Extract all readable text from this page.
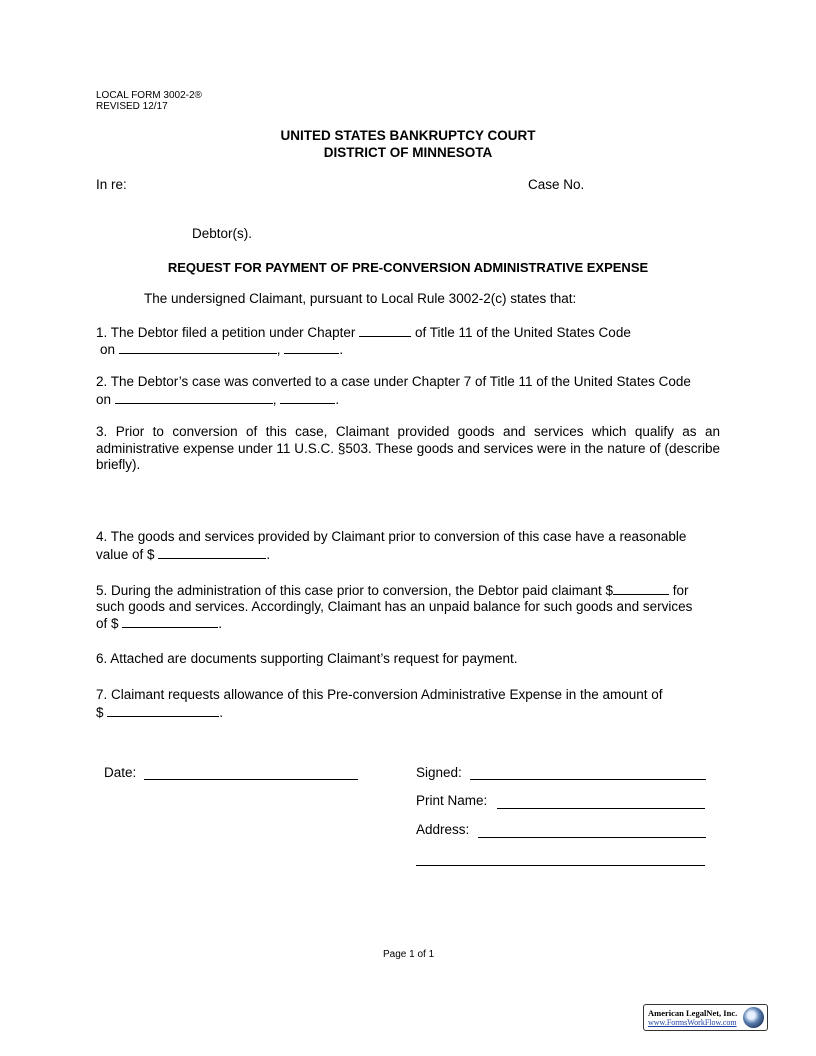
LOCAL FORM 3002-2®
REVISED 12/17
UNITED STATES BANKRUPTCY COURT
DISTRICT OF MINNESOTA
In re:	Case No.
Debtor(s).
REQUEST FOR PAYMENT OF PRE-CONVERSION ADMINISTRATIVE EXPENSE
The undersigned Claimant, pursuant to Local Rule 3002-2(c) states that:
1. The Debtor filed a petition under Chapter	of Title 11 of the United States Code
on	,	.
2. The Debtor’s case was converted to a case under Chapter 7 of Title 11 of the United States Code
on	,	.
3. Prior to conversion of this case, Claimant provided goods and services which qualify as an administrative expense under 11 U.S.C. §503. These goods and services were in the nature of (describe briefly).
4. The goods and services provided by Claimant prior to conversion of this case have a reasonable
value of $	.
5. During the administration of this case prior to conversion, the Debtor paid claimant $	for
such goods and services. Accordingly, Claimant has an unpaid balance for such goods and services
of $	.
6. Attached are documents supporting Claimant’s request for payment.
7. Claimant requests allowance of this Pre-conversion Administrative Expense in the amount of
$	.
Date:	Signed:
Print Name:
Address:
Page 1 of 1
American LegalNet, Inc.
www.FormsWorkFlow.com
